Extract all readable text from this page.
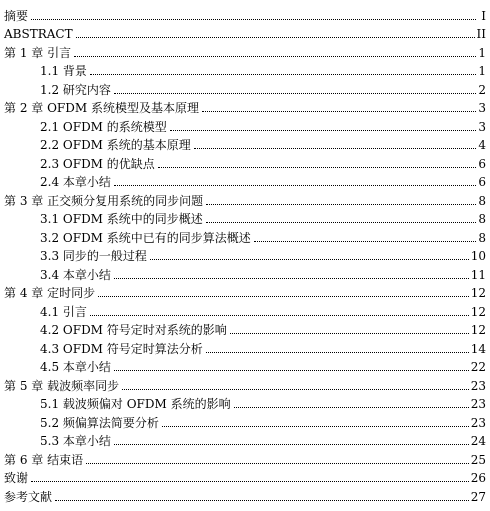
摘要	I
ABSTRACT	II
第 1 章 引言	1
1.1 背景	1
1.2 研究内容	2
第 2 章 OFDM 系统模型及基本原理	3
2.1 OFDM 的系统模型	3
2.2 OFDM 系统的基本原理	4
2.3 OFDM 的优缺点	6
2.4 本章小结	6
第 3 章 正交频分复用系统的同步问题	8
3.1 OFDM 系统中的同步概述	8
3.2 OFDM 系统中已有的同步算法概述	8
3.3 同步的一般过程	10
3.4 本章小结	11
第 4 章 定时同步	12
4.1 引言	12
4.2 OFDM 符号定时对系统的影响	12
4.3 OFDM 符号定时算法分析	14
4.5 本章小结	22
第 5 章 载波频率同步	23
5.1 载波频偏对 OFDM 系统的影响	23
5.2 频偏算法简要分析	23
5.3 本章小结	24
第 6 章 结束语	25
致谢	26
参考文献	27
